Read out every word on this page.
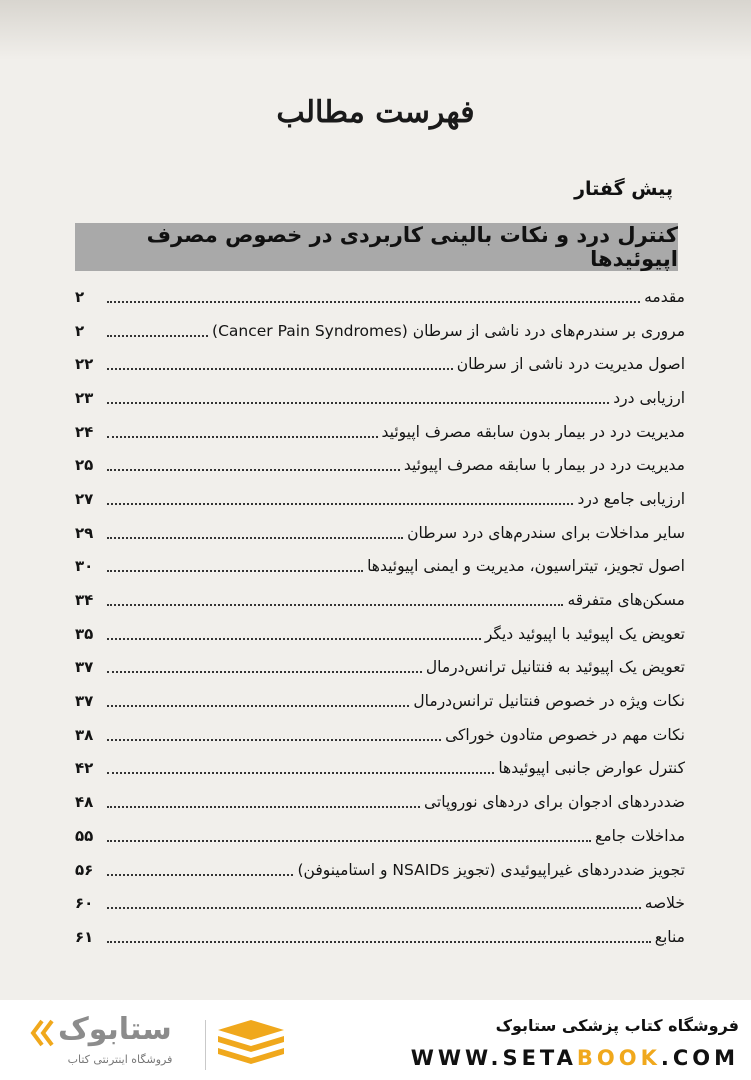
فهرست مطالب
پیش گفتار
کنترل درد و نکات بالینی کاربردی در خصوص مصرف اپیوئیدها
مقدمه
۲
مروری بر سندرم‌های درد ناشی از سرطان (Cancer Pain Syndromes)
۲
اصول مدیریت درد ناشی از سرطان
۲۲
ارزیابی درد
۲۳
مدیریت درد در بیمار بدون سابقه مصرف اپیوئید
۲۴
مدیریت درد در بیمار با سابقه مصرف اپیوئید
۲۵
ارزیابی جامع درد
۲۷
سایر مداخلات برای سندرم‌های درد سرطان
۲۹
اصول تجویز، تیتراسیون، مدیریت و ایمنی اپیوئیدها
۳۰
مسکن‌های متفرقه
۳۴
تعویض یک اپیوئید با اپیوئید دیگر
۳۵
تعویض یک اپیوئید به فنتانیل ترانس‌درمال
۳۷
نکات ویژه در خصوص فنتانیل ترانس‌درمال
۳۷
نکات مهم در خصوص متادون خوراکی
۳۸
کنترل عوارض جانبی اپیوئیدها
۴۲
ضددردهای ادجوان برای دردهای نوروپاتی
۴۸
مداخلات جامع
۵۵
تجویز ضددردهای غیراپیوئیدی (تجویز NSAIDs و استامینوفن)
۵۶
خلاصه
۶۰
منابع
۶۱
فروشگاه کتاب پزشکی ستابوک
WWW.SETABOOK.COM
ستابوک
فروشگاه اینترنتی کتاب
